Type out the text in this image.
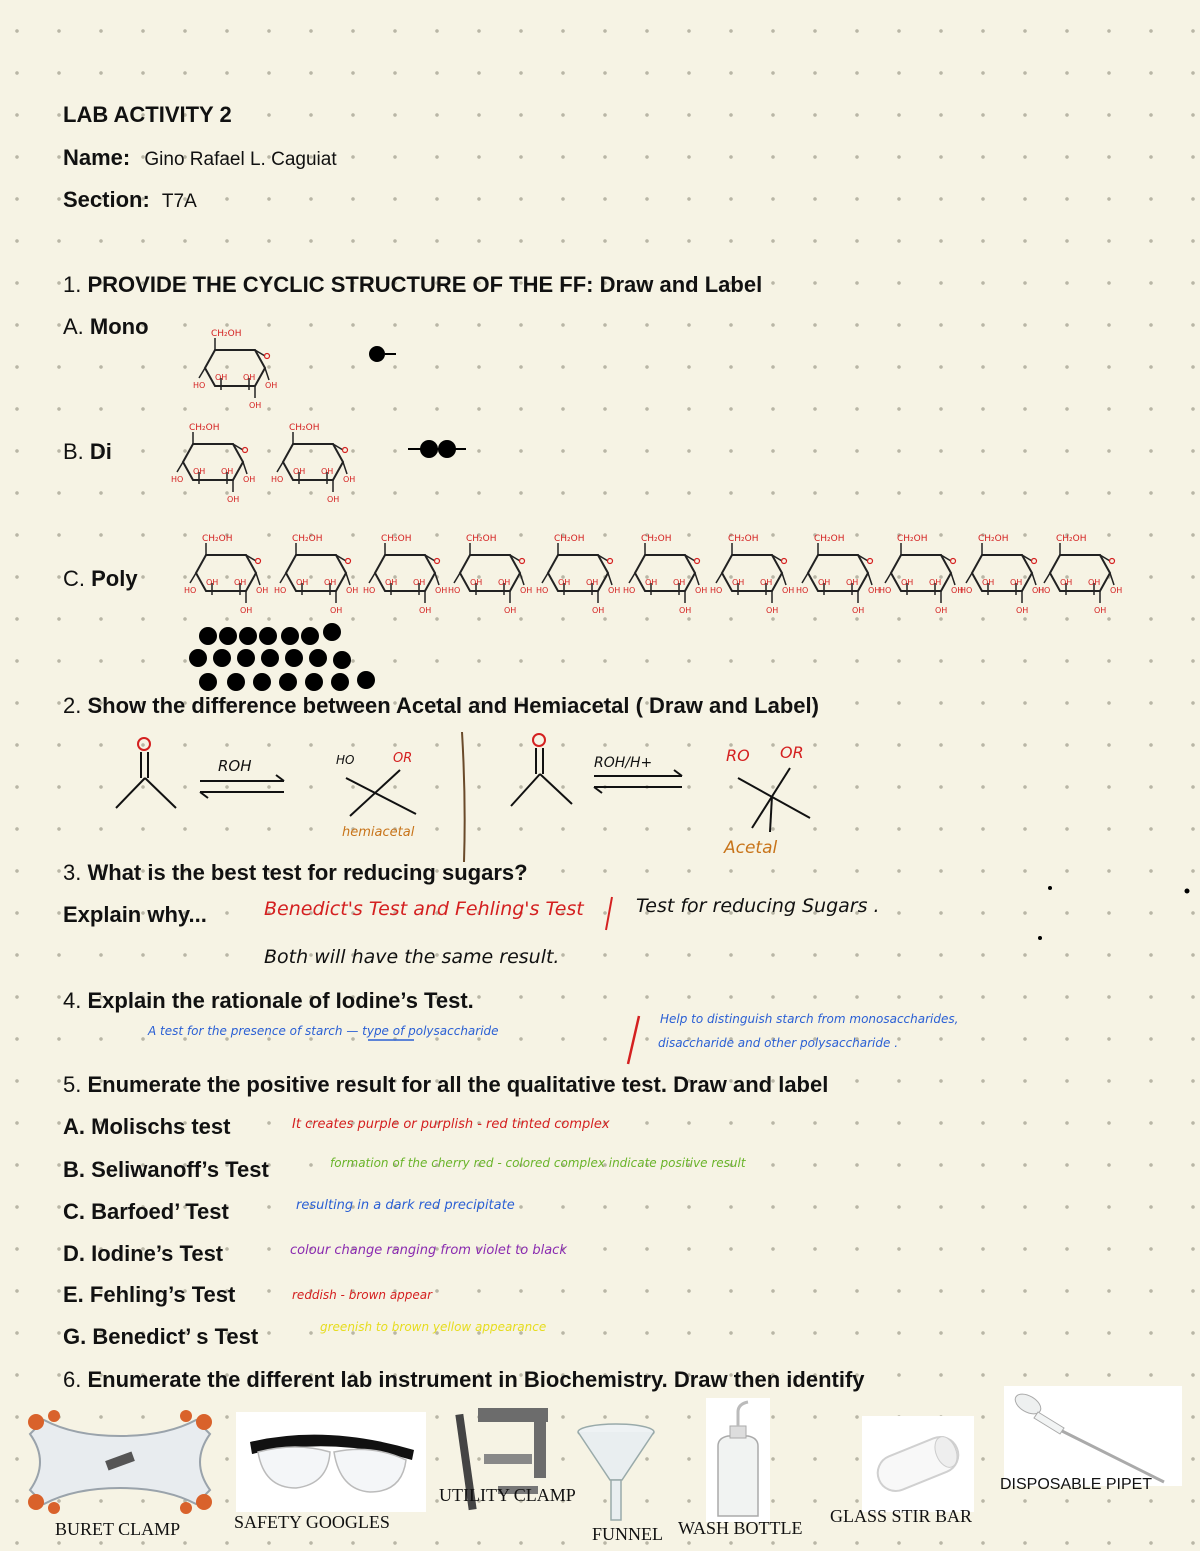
LAB ACTIVITY 2
Name: Gino Rafael L. Caguiat
Section: T7A
1. PROVIDE THE CYCLIC STRUCTURE OF THE FF: Draw and Label
A. Mono
B. Di
C. Poly
OH
OH
OH
2. Show the difference between Acetal and Hemiacetal ( Draw and Label)
ROH	HO	OR
hemiacetal
ROH/H+	RO OR
Acetal
3. What is the best test for reducing sugars?
Explain why...	Benedict's Test and Fehling's Test	Test for reducing Sugars .
Both will have the same result.
4. Explain the rationale of Iodine’s Test.
A test for the presence of starch — type of polysaccharide
Help to distinguish starch from monosaccharides,
disaccharide and other polysaccharide .
5. Enumerate the positive result for all the qualitative test. Draw and label
A. Molischs test	It creates purple or purplish - red tinted complex
B. Seliwanoff’s Test	formation of the cherry red - colored complex indicate positive result
C. Barfoed’ Test	resulting in a dark red precipitate
D. Iodine’s Test	colour change ranging from violet to black
E. Fehling’s Test	reddish - brown appear
G. Benedict’ s Test	greenish to brown yellow appearance
6. Enumerate the different lab instrument in Biochemistry. Draw then identify
BURET CLAMP	SAFETY GOOGLES
UTILITY CLAMP
FUNNEL WASH BOTTLE
GLASS STIR BAR
DISPOSABLE PIPET
